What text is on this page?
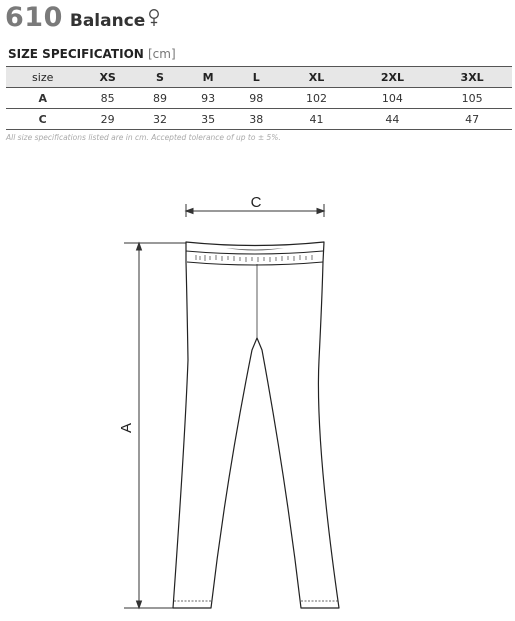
610 Balance
SIZE SPECIFICATION [cm]
size	XS	S	M	L	XL	2XL	3XL
A	85	89	93	98	102	104	105
C	29	32	35	38	41	44	47
All size specifications listed are in cm. Accepted tolerance of up to ± 5%.
C
A
